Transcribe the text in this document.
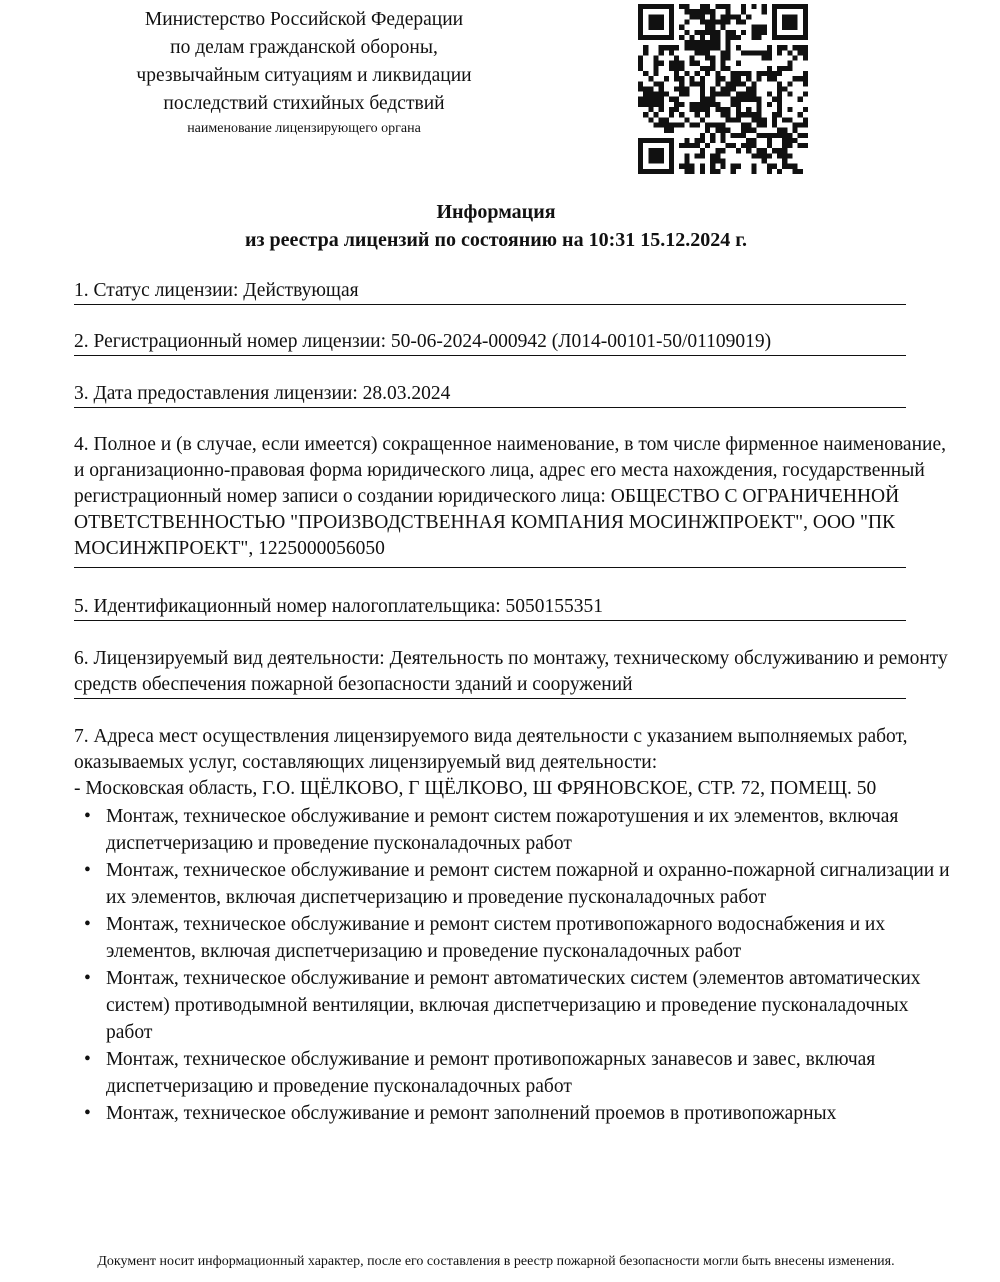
Министерство Российской Федерации
по делам гражданской обороны,
чрезвычайным ситуациям и ликвидации
последствий стихийных бедствий
наименование лицензирующего органа
Информация
из реестра лицензий по состоянию на 10:31 15.12.2024 г.
1. Статус лицензии: Действующая
2. Регистрационный номер лицензии: 50-06-2024-000942 (Л014-00101-50/01109019)
3. Дата предоставления лицензии: 28.03.2024
4. Полное и (в случае, если имеется) сокращенное наименование, в том числе фирменное наименование, и организационно-правовая форма юридического лица, адрес его места нахождения, государственный регистрационный номер записи о создании юридического лица: ОБЩЕСТВО С ОГРАНИЧЕННОЙ ОТВЕТСТВЕННОСТЬЮ "ПРОИЗВОДСТВЕННАЯ КОМПАНИЯ МОСИНЖПРОЕКТ", ООО "ПК МОСИНЖПРОЕКТ", 1225000056050
5. Идентификационный номер налогоплательщика: 5050155351
6. Лицензируемый вид деятельности: Деятельность по монтажу, техническому обслуживанию и ремонту средств обеспечения пожарной безопасности зданий и сооружений
7. Адреса мест осуществления лицензируемого вида деятельности с указанием выполняемых работ, оказываемых услуг, составляющих лицензируемый вид деятельности:
- Московская область, Г.О. ЩЁЛКОВО, Г ЩЁЛКОВО, Ш ФРЯНОВСКОЕ, СТР. 72, ПОМЕЩ. 50
• Монтаж, техническое обслуживание и ремонт систем пожаротушения и их элементов, включая диспетчеризацию и проведение пусконаладочных работ
• Монтаж, техническое обслуживание и ремонт систем пожарной и охранно-пожарной сигнализации и их элементов, включая диспетчеризацию и проведение пусконаладочных работ
• Монтаж, техническое обслуживание и ремонт систем противопожарного водоснабжения и их элементов, включая диспетчеризацию и проведение пусконаладочных работ
• Монтаж, техническое обслуживание и ремонт автоматических систем (элементов автоматических систем) противодымной вентиляции, включая диспетчеризацию и проведение пусконаладочных работ
• Монтаж, техническое обслуживание и ремонт противопожарных занавесов и завес, включая диспетчеризацию и проведение пусконаладочных работ
• Монтаж, техническое обслуживание и ремонт заполнений проемов в противопожарных
Документ носит информационный характер, после его составления в реестр пожарной безопасности могли быть внесены изменения.
